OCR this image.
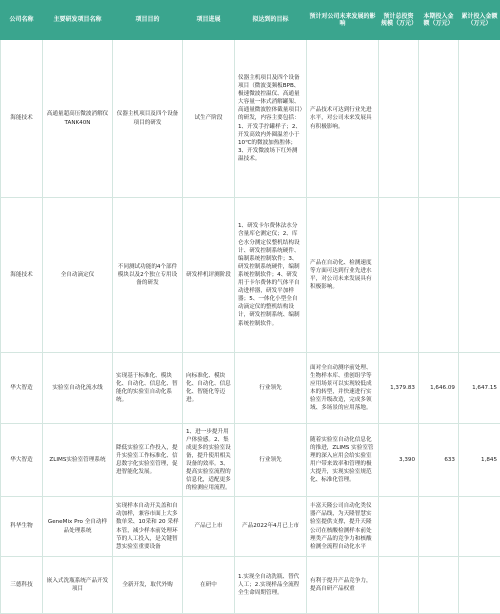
公司名称	主要研发项目名称	项目目的	项目进展	拟达到的目标	预计对公司未来发展的影响	预计总投资规模（万元）	本期投入金额（万元）	累计投入金额（万元）
海能技术	高通量超高压微波消解仪 TANK40N	仪器主机项目及四个设备项目的研发	试生产阶段	仪器主机项目及四个设备项目（微波变频板BPB、极速微波控温仪、高通量大容量一体式消解罐架、高通量微波腔体截量项目）的研发，内容主要包括：1、开发手拧罐样子；2、开发高效内外圈温差小于 10℃的微波加热腔体；3、开发微波场下红外测温技术。	产品技术可达到行业先进水平，对公司未来发展具有积极影响。			
海能技术	全自动滴定仪	不同测试功能的4个部件模块以及2个独立专用设备的研发	研发样机评测阶段	1、研发卡尔费休法水分含量库仑测定仪；2、库仑水分测定仪整机结构设计、研发控制系统硬件、编制系统控制软件；3、研发控制系统硬件，编制系统控制软件；4、研发用于卡尔费休的气体平自动进样器，研发平加样器；5、一体化小型全自动滴定仪的整机结构设计，研发控制系统、编制系统控制软件。	产品在自动化、检测速度等方面可达到行业先进水平，对公司未来发展具有积极影响。			
华大智造	实验室自动化流水线	实现基于标准化、模块化、自动化、信息化、智能化的实验室自动化系统。	向标准化、模块化、自动化、信息化、智能化等迈进。	行业领先	面对全自动测序前处理、生物样本库、重创组学等应用场景可以实现较低成本的转型，并快速进行实验室升级改造，完成多领域、多场景的应用落地。	1,379.83	1,646.09	1,647.15
华大智造	ZLIMS实验室管理系统	降低实验室工作投入，提升实验室工作标准化、信息数字化实验室管理，促进智能化发展。	1、进一步提升用户体验感。2、集成更多的实验室设备，提升使用相关设备的效率。3、提高实验室流程的信息化，适配更多的检测应用流程。	行业领先	随着实验室自动化信息化的推进，ZLIMS 实验室管理的深入应用会给实验室用户带来效率和管理的极大提升，实现实验室规范化、标准化管理。	3,390	633	1,845
科华生物	GeneMix Pro 全自动样品处理系统	实现样本自动开关盖和自动加样，兼容市面上大多数单采、10采和 20 采样本管，减少样本前处理环节的人工投入，是关键智慧实验室重要设备	产品已上市	产品2022年4月已上市	丰富天隆公司自动化类仪器产品线，为天隆智慧实验室提供支撑，提升天隆公司在核酸检测样本前处理类产品的竞争力和核酸检测全流程自动化水平			
三德科技	嵌入式洗瓶系统产品开发项目	全新开发，取代外购	在研中	1.实现全自动洗瓶、替代人工；2.实现样品全流程全生命周期管理。	有利于提升产品竞争力，提高自研产品权重			
